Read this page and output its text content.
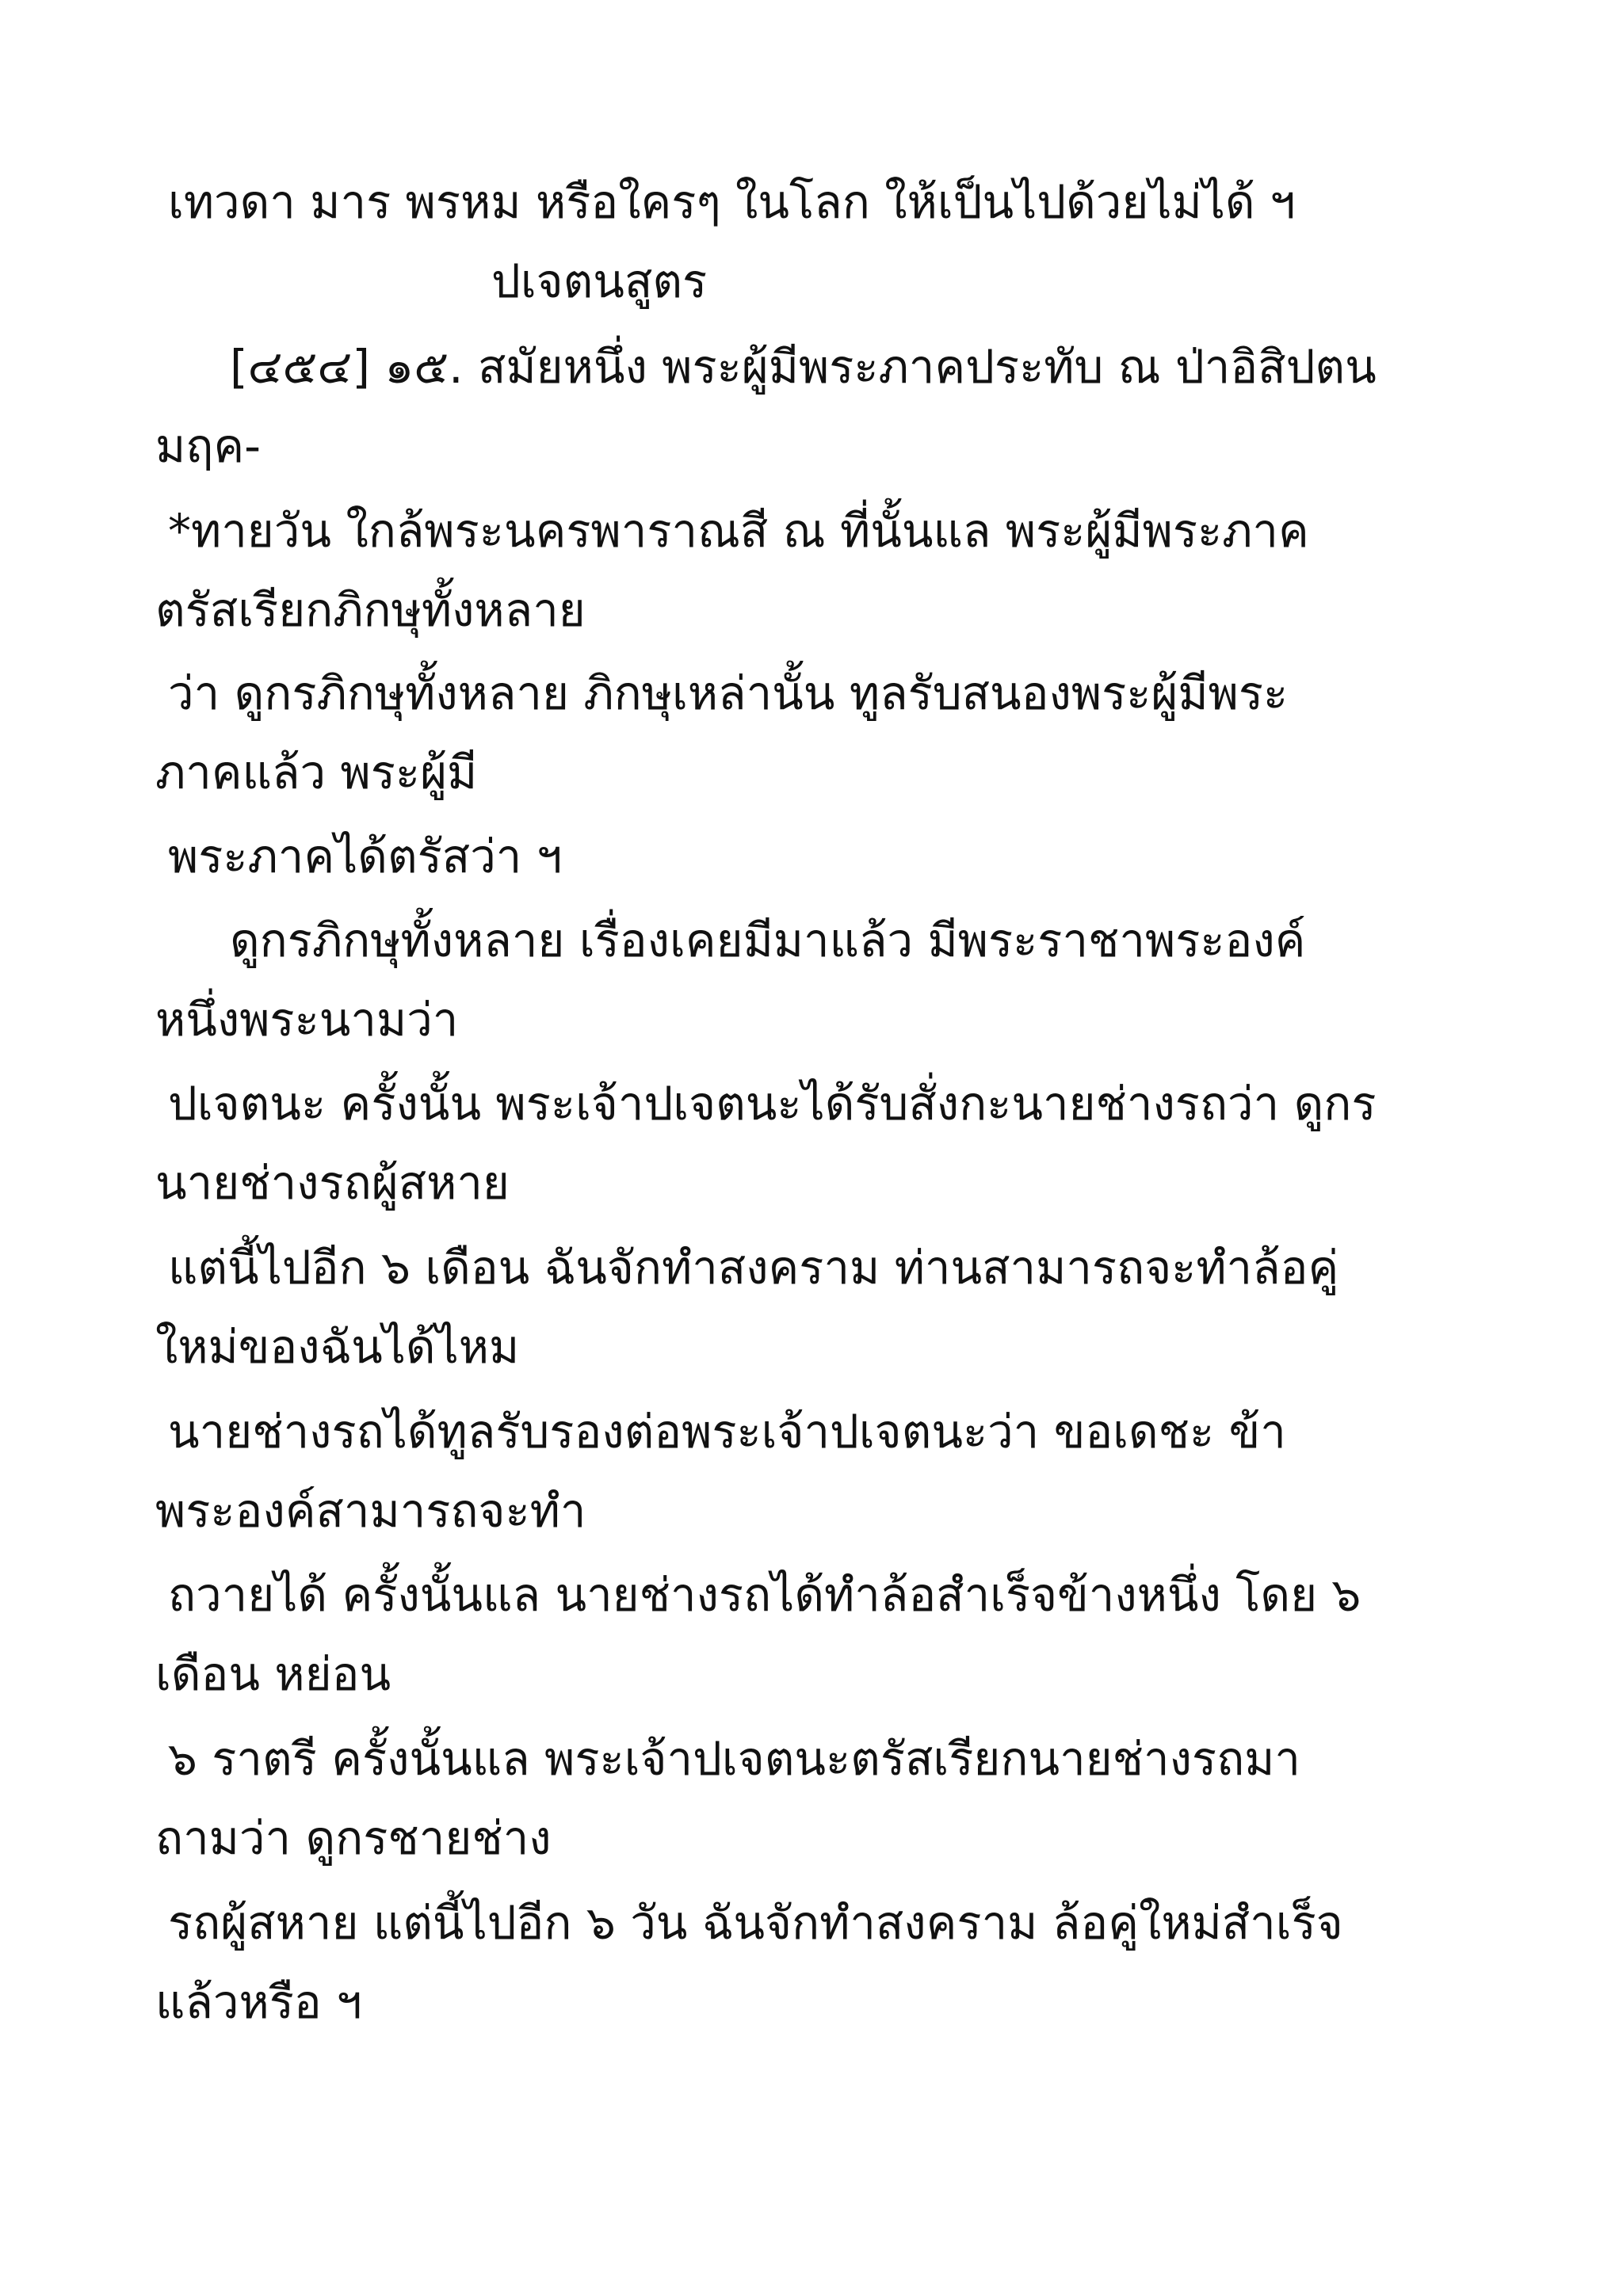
เทวดา มาร พรหม หรือใครๆ ในโลก ให้เป็นไปด้วยไม่ได้ ฯ
ปเจตนสูตร
[๔๕๔] ๑๕. สมัยหนึ่ง พระผู้มีพระภาคประทับ ณ ป่าอิสิปตน
มฤค-
*ทายวัน ใกล้พระนครพาราณสี ณ ที่นั้นแล พระผู้มีพระภาค
ตรัสเรียกภิกษุทั้งหลาย
ว่า ดูกรภิกษุทั้งหลาย ภิกษุเหล่านั้น ทูลรับสนองพระผู้มีพระ
ภาคแล้ว พระผู้มี
พระภาคได้ตรัสว่า ฯ
ดูกรภิกษุทั้งหลาย เรื่องเคยมีมาแล้ว มีพระราชาพระองค์
หนึ่งพระนามว่า
ปเจตนะ ครั้งนั้น พระเจ้าปเจตนะได้รับสั่งกะนายช่างรถว่า ดูกร
นายช่างรถผู้สหาย
แต่นี้ไปอีก ๖ เดือน ฉันจักทำสงคราม ท่านสามารถจะทำล้อคู่
ใหม่ของฉันได้ไหม
นายช่างรถได้ทูลรับรองต่อพระเจ้าปเจตนะว่า ขอเดชะ ข้า
พระองค์สามารถจะทำ
ถวายได้ ครั้งนั้นแล นายช่างรถได้ทำล้อสำเร็จข้างหนึ่ง โดย ๖
เดือน หย่อน
๖ ราตรี ครั้งนั้นแล พระเจ้าปเจตนะตรัสเรียกนายช่างรถมา
ถามว่า ดูกรชายช่าง
รถผู้สหาย แต่นี้ไปอีก ๖ วัน ฉันจักทำสงคราม ล้อคู่ใหม่สำเร็จ
แล้วหรือ ฯ
